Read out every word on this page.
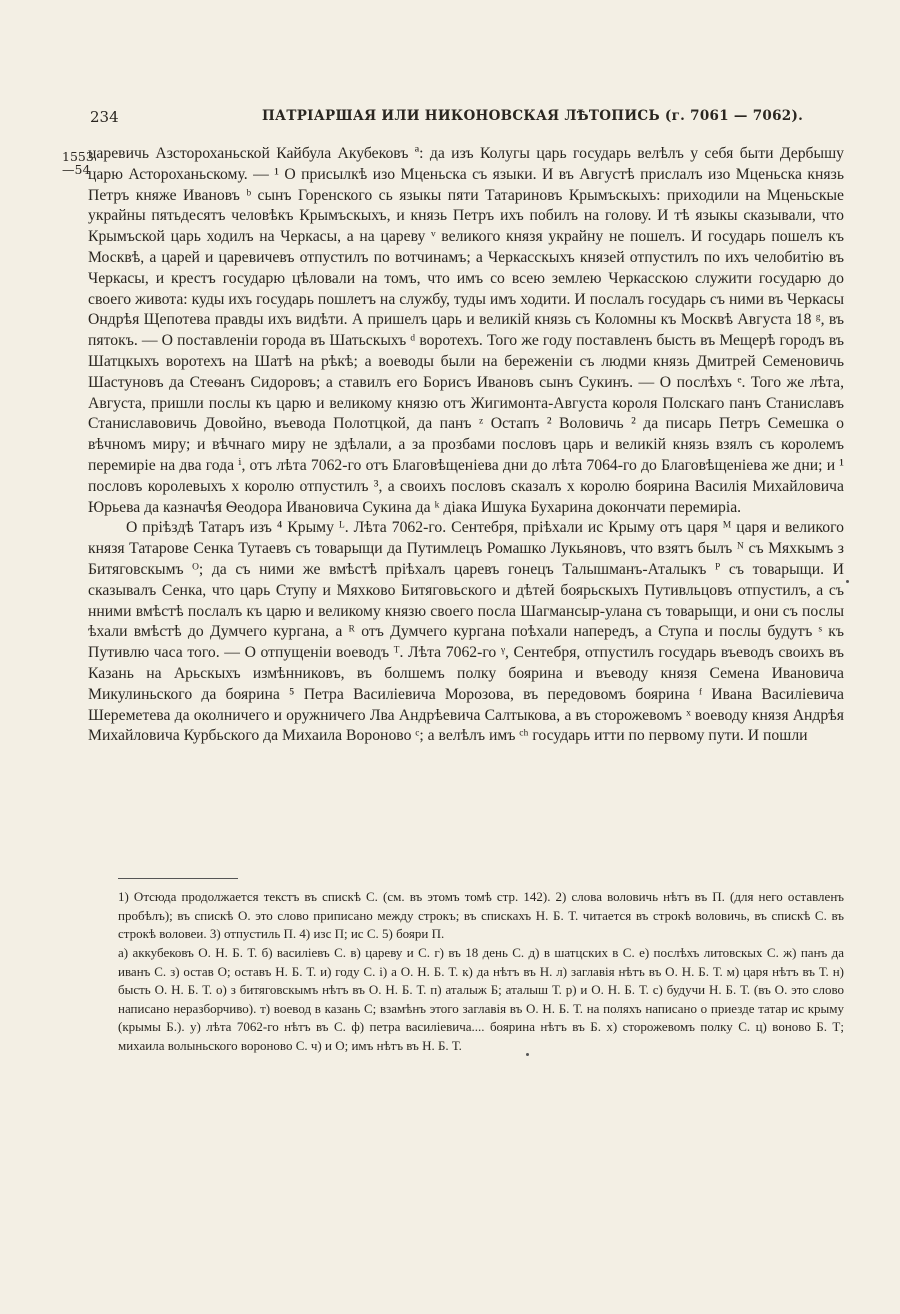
234	ПАТРІАРШАЯ ИЛИ НИКОНОВСКАЯ ЛѢТОПИСЬ (г. 7061 — 7062).
1553
—54

царевичь Азстороханьской Кайбула Акубековъ ª: да изъ Колугы царь государь велѣлъ у себя быти Дербышу царю Астороханьскому. — ¹ О присылкѣ изо Мценьска съ языки. И въ Августѣ прислалъ изо Мценьска князь Петръ княже Ивановъ ᵇ сынъ Горенского сь языкы пяти Татариновъ Крымъскыхъ: приходили на Мценьскые украйны пятьдесятъ человѣкъ Крымъскыхъ, и князь Петръ ихъ побилъ на голову. И тѣ языкы сказывали, что Крымъской царь ходилъ на Черкасы, а на цареву ᵛ великого князя украйну не пошелъ. И государь пошелъ къ Москвѣ, а царей и царевичевъ отпустилъ по вотчинамъ; а Черкасскыхъ князей отпустилъ по ихъ челобитію въ Черкасы, и крестъ государю цѣловали на томъ, что имъ со всею землею Черкасскою служити государю до своего живота: куды ихъ государь пошлетъ на службу, туды имъ ходити. И послалъ государь съ ними въ Черкасы Ондрѣя Щепотева правды ихъ видѣти. А пришелъ царь и великій князь съ Коломны къ Москвѣ Августа 18 ᵍ, въ пятокъ. — О поставленіи города въ Шатьскыхъ ᵈ воротехъ. Того же году поставленъ бысть въ Мещерѣ городъ въ Шатцкыхъ воротехъ на Шатѣ на рѣкѣ; а воеводы были на береженіи съ людми князь Дмитрей Семеновичь Шастуновъ да Стеѳанъ Сидоровъ; а ставилъ его Борисъ Ивановъ сынъ Сукинъ. — О послѣхъ ᵉ. Того же лѣта, Августа, пришли послы къ царю и великому князю отъ Жигимонта-Августа короля Полскаго панъ Станиславъ Станиславовичь Довойно, въевода Полотцкой, да панъ ᶻ Остапъ ² Воловичь ² да писарь Петръ Семешка о вѣчномъ миру; и вѣчнаго миру не здѣлали, а за прозбами пословъ царь и великій князь взялъ съ королемъ перемиріе на два года ⁱ, отъ лѣта 7062-го отъ Благовѣщеніева дни до лѣта 7064-го до Благовѣщеніева же дни; и ¹ пословъ королевыхъ х королю отпустилъ ³, а своихъ пословъ сказалъ х королю боярина Василія Михайловича Юрьева да казначѣя Ѳеодора Ивановича Сукина да ᵏ діака Ишука Бухарина докончати перемиріа.

О пріѣздѣ Татаръ изъ ⁴ Крыму ᴸ. Лѣта 7062-го. Сентебря, пріѣхали ис Крыму отъ царя ᴹ царя и великого князя Татарове Сенка Тутаевъ съ товарыщи да Путимлецъ Ромашко Лукьяновъ, что взятъ былъ ᴺ съ Мяхкымъ з Битяговскымъ ᴼ; да съ ними же вмѣстѣ пріѣхалъ царевъ гонецъ Талышманъ-Аталыкъ ᴾ съ товарыщи. И сказывалъ Сенка, что царь Ступу и Мяхково Битяговьского и дѣтей боярьскыхъ Путивльцовъ отпустилъ, а съ нними вмѣстѣ послалъ къ царю и великому князю своего посла Шагмансыр-улана съ товарыщи, и они съ послы ѣхали вмѣстѣ до Думчего кургана, а ᴿ отъ Думчего кургана поѣхали напередъ, а Ступа и послы будутъ ˢ къ Путивлю часа того. — О отпущеніи воеводъ ᵀ. Лѣта 7062-го ᵞ, Сентебря, отпустилъ государь въеводъ своихъ въ Казань на Арьскыхъ измѣнниковъ, въ болшемъ полку боярина и въеводу князя Семена Ивановича Микулиньского да боярина ⁵ Петра Василіевича Морозова, въ передовомъ боярина ᶠ Ивана Василіевича Шереметева да околничего и оружничего Лва Андрѣевича Салтыкова, а въ сторожевомъ ˣ воеводу князя Андрѣя Михайловича Курбьского да Михаила Вороново ᶜ; а велѣлъ имъ ᶜʰ государь итти по первому пути. И пошли

1) Отсюда продолжается текстъ въ спискѣ С. (см. въ этомъ томѣ стр. 142). 2) слова воловичь нѣтъ въ П. (для него оставленъ пробѣлъ); въ спискѣ О. это слово приписано между строкъ; въ спискахъ Н. Б. Т. читается въ строкѣ воловичь, въ спискѣ С. въ строкѣ воловеи. 3) отпустиль П. 4) изс П; ис С. 5) бояри П.

а) аккубековъ О. Н. Б. Т. б) василіевъ С. в) цареву и С. г) въ 18 день С. д) в шатцских в С. е) послѣхъ литовскых С. ж) панъ да иванъ С. з) остав О; оставъ Н. Б. Т. и) году С. і) а О. Н. Б. Т. к) да нѣтъ въ Н. л) заглавія нѣтъ въ О. Н. Б. Т. м) царя нѣтъ въ Т. н) бысть О. Н. Б. Т. о) з битяговскымъ нѣтъ въ О. Н. Б. Т. п) аталыж Б; аталыш Т. р) и О. Н. Б. Т. с) будучи Н. Б. Т. (въ О. это слово написано неразборчиво). т) воевод в казань С; взамѣнъ этого заглавія въ О. Н. Б. Т. на поляхъ написано о приезде татар ис крыму (крымы Б.). у) лѣта 7062-го нѣтъ въ С. ф) петра василіевича.... боярина нѣтъ въ Б. х) сторожевомъ полку С. ц) воново Б. Т; михаила волыньского вороново С. ч) и О; имъ нѣтъ въ Н. Б. Т.
